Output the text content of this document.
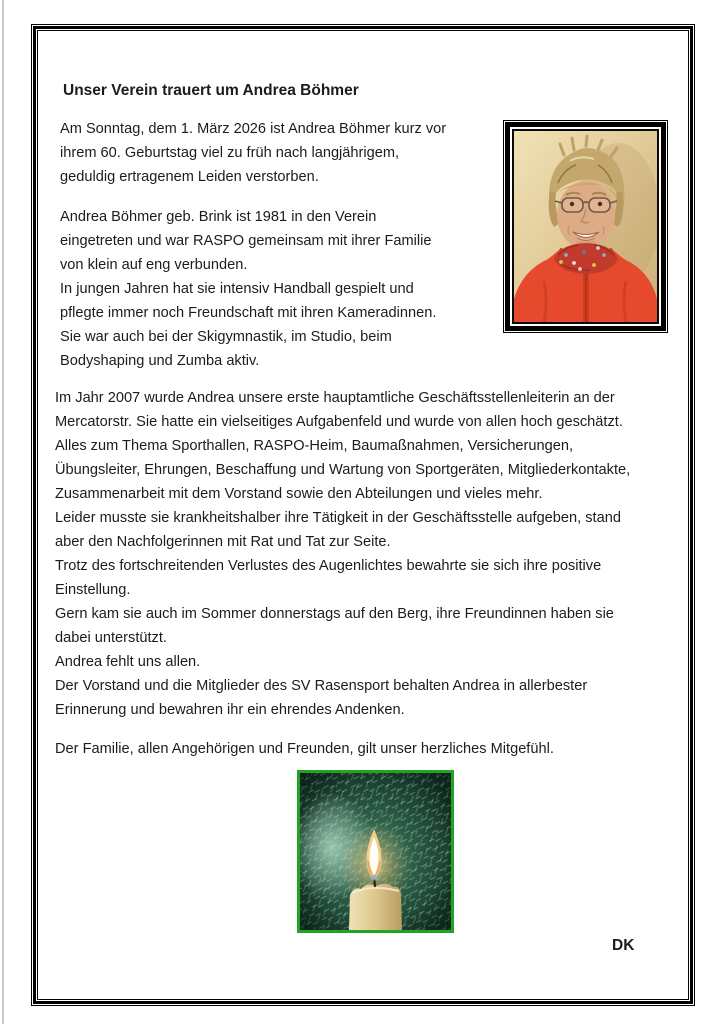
Unser Verein trauert um Andrea Böhmer
Am Sonntag, dem 1. März 2026 ist Andrea Böhmer kurz vor
ihrem 60. Geburtstag viel zu früh nach langjährigem,
geduldig ertragenem Leiden verstorben.
Andrea Böhmer geb. Brink ist 1981 in den Verein
eingetreten und war RASPO gemeinsam mit ihrer Familie
von klein auf eng verbunden.
In jungen Jahren hat sie intensiv Handball gespielt und
pflegte immer noch Freundschaft mit ihren Kameradinnen.
Sie war auch bei der Skigymnastik, im Studio, beim
Bodyshaping und Zumba aktiv.
Im Jahr 2007 wurde Andrea unsere erste hauptamtliche Geschäftsstellenleiterin an der
Mercatorstr. Sie hatte ein vielseitiges Aufgabenfeld und wurde von allen hoch geschätzt.
Alles zum Thema Sporthallen, RASPO-Heim, Baumaßnahmen, Versicherungen,
Übungsleiter, Ehrungen, Beschaffung und Wartung von Sportgeräten, Mitgliederkontakte,
Zusammenarbeit mit dem Vorstand sowie den Abteilungen und vieles mehr.
Leider musste sie krankheitshalber ihre Tätigkeit in der Geschäftsstelle aufgeben, stand
aber den Nachfolgerinnen mit Rat und Tat zur Seite.
Trotz des fortschreitenden Verlustes des Augenlichtes bewahrte sie sich ihre positive
Einstellung.
Gern kam sie auch im Sommer donnerstags auf den Berg, ihre Freundinnen haben sie
dabei unterstützt.
Andrea fehlt uns allen.
Der Vorstand und die Mitglieder des SV Rasensport behalten Andrea in allerbester
Erinnerung und bewahren ihr ein ehrendes Andenken.
Der Familie, allen Angehörigen und Freunden, gilt unser herzliches Mitgefühl.
DK
